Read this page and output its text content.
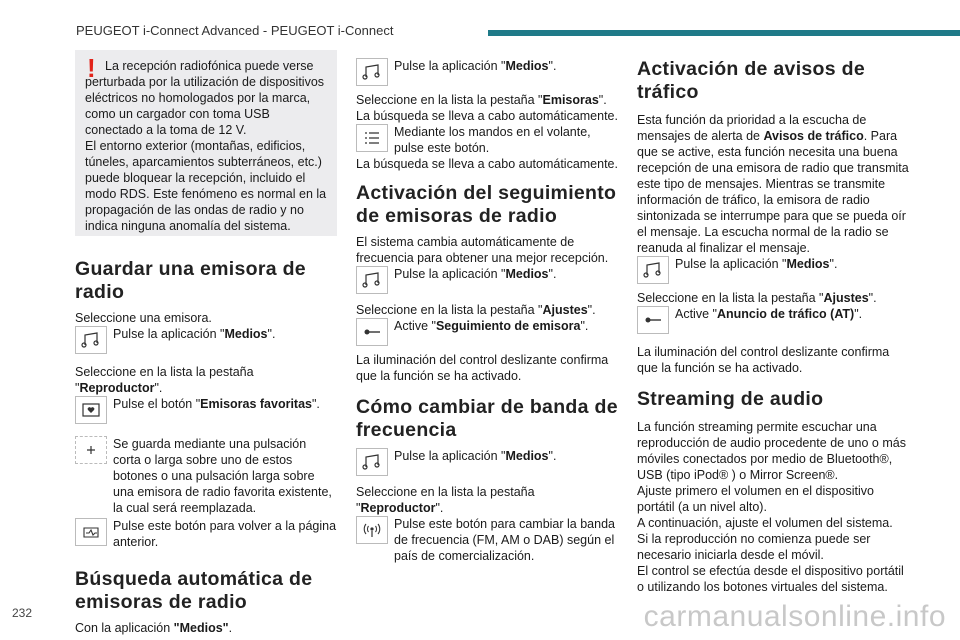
PEUGEOT i-Connect Advanced - PEUGEOT i-Connect
! La recepción radiofónica puede verse perturbada por la utilización de dispositivos eléctricos no homologados por la marca, como un cargador con toma USB conectado a la toma de 12 V.
El entorno exterior (montañas, edificios, túneles, aparcamientos subterráneos, etc.) puede bloquear la recepción, incluido el modo RDS. Este fenómeno es normal en la propagación de las ondas de radio y no indica ninguna anomalía del sistema.

Guardar una emisora de radio

Seleccione una emisora.

Pulse la aplicación "Medios".

Seleccione en la lista la pestaña "Reproductor".

Pulse el botón "Emisoras favoritas".
Se guarda mediante una pulsación corta o larga sobre uno de estos botones o una pulsación larga sobre una emisora de radio favorita existente, la cual será reemplazada.
Pulse este botón para volver a la página anterior.
Búsqueda automática de emisoras de radio

Con la aplicación "Medios".

Pulse la aplicación "Medios".

Seleccione en la lista la pestaña "Emisoras".

La búsqueda se lleva a cabo automáticamente.

Mediante los mandos en el volante, pulse este botón.

La búsqueda se lleva a cabo automáticamente.

Activación del seguimiento de emisoras de radio

El sistema cambia automáticamente de frecuencia para obtener una mejor recepción.

Pulse la aplicación "Medios".

Seleccione en la lista la pestaña "Ajustes".

Active "Seguimiento de emisora".

La iluminación del control deslizante confirma que la función se ha activado.

Cómo cambiar de banda de frecuencia
Pulse la aplicación "Medios".

Seleccione en la lista la pestaña "Reproductor".

Pulse este botón para cambiar la banda de frecuencia (FM, AM o DAB) según el país de comercialización.
Activación de avisos de tráfico

Esta función da prioridad a la escucha de mensajes de alerta de Avisos de tráfico. Para que se active, esta función necesita una buena recepción de una emisora de radio que transmita este tipo de mensajes. Mientras se transmite información de tráfico, la emisora de radio sintonizada se interrumpe para que se pueda oír el mensaje. La escucha normal de la radio se reanuda al finalizar el mensaje.

Pulse la aplicación "Medios".

Seleccione en la lista la pestaña "Ajustes".

Active "Anuncio de tráfico (AT)".

La iluminación del control deslizante confirma que la función se ha activado.

Streaming de audio

La función streaming permite escuchar una reproducción de audio procedente de uno o más móviles conectados por medio de Bluetooth®, USB (tipo iPod® ) o Mirror Screen®.
Ajuste primero el volumen en el dispositivo portátil (a un nivel alto).
A continuación, ajuste el volumen del sistema.
Si la reproducción no comienza puede ser necesario iniciarla desde el móvil.
El control se efectúa desde el dispositivo portátil o utilizando los botones virtuales del sistema.

232	carmanualsonline.info
